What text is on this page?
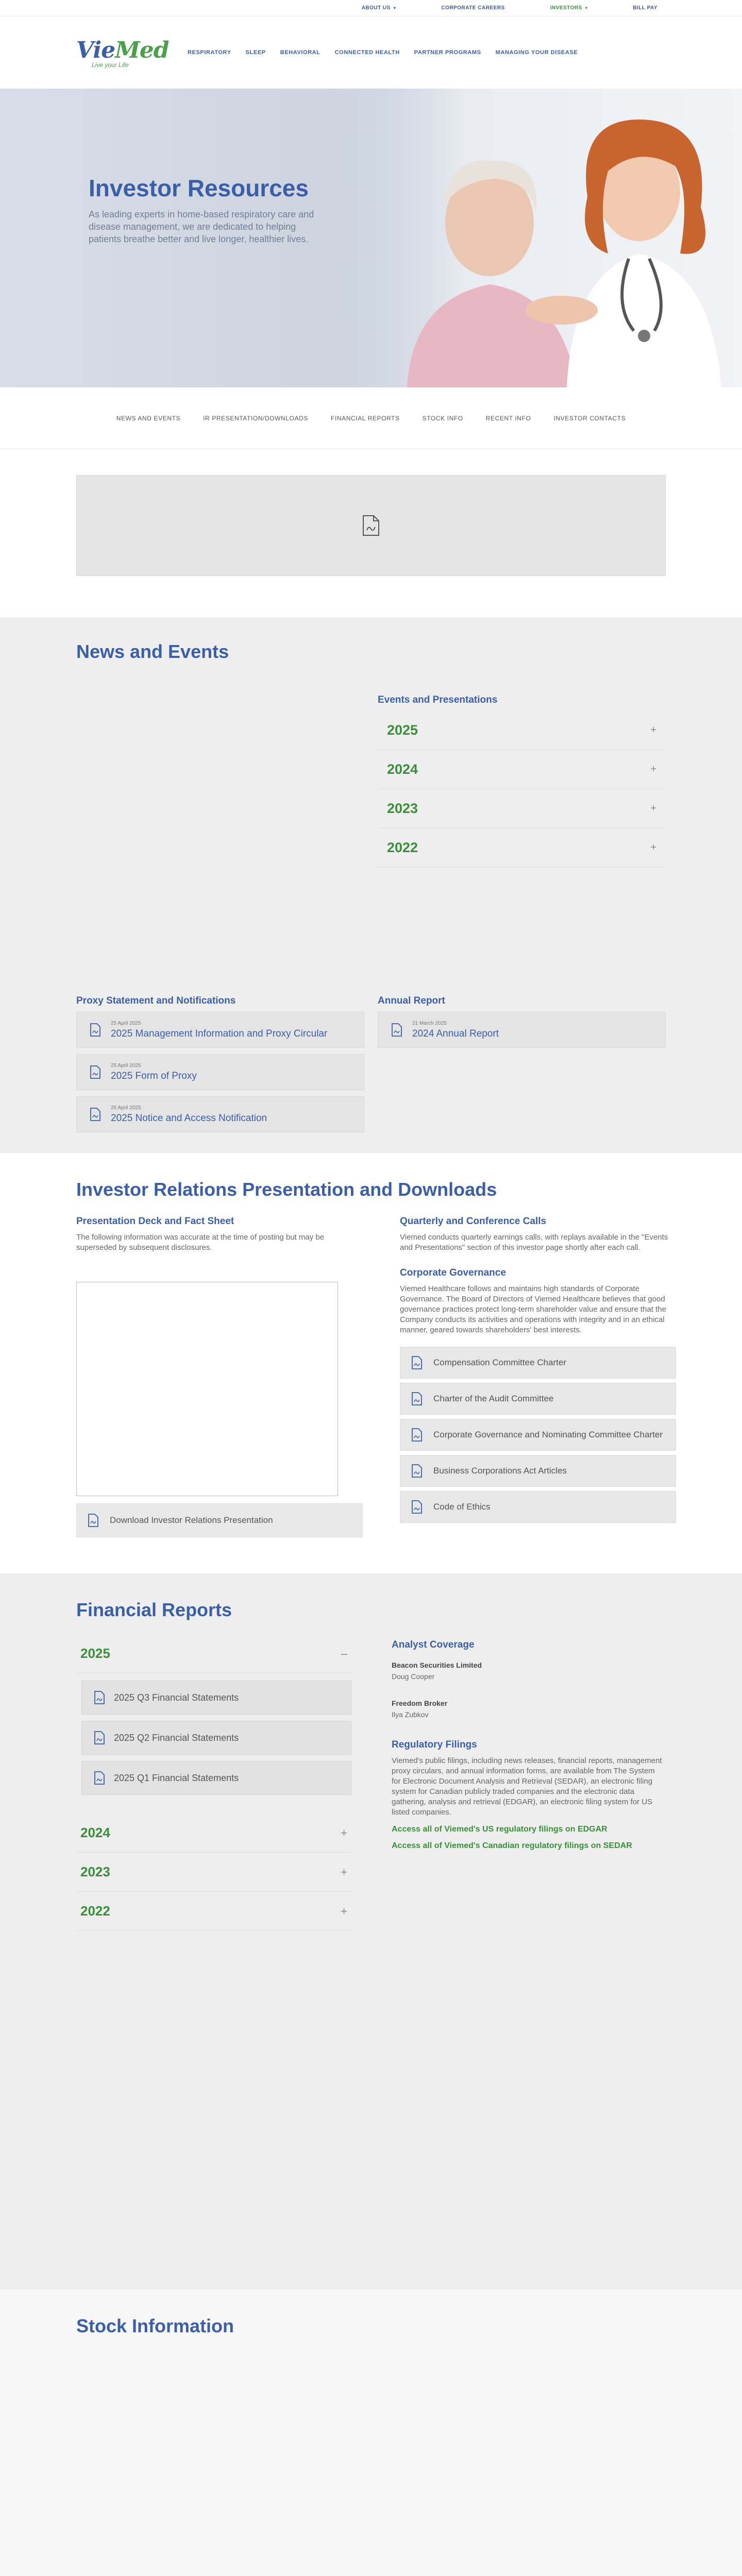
ABOUT US ▾	CORPORATE CAREERS	INVESTORS ▾	BILL PAY
VieMed
Live your Life
RESPIRATORY	SLEEP	BEHAVIORAL	CONNECTED HEALTH	PARTNER PROGRAMS	MANAGING YOUR DISEASE
Investor Resources
As leading experts in home-based respiratory care and disease management, we are dedicated to helping patients breathe better and live longer, healthier lives.
NEWS AND EVENTS	IR PRESENTATION/DOWNLOADS	FINANCIAL REPORTS	STOCK INFO	RECENT INFO	INVESTOR CONTACTS
News and Events
Events and Presentations
2025	+
2024	+
2023	+
2022	+
Proxy Statement and Notifications
25 April 2025
2025 Management Information and Proxy Circular
25 April 2025
2025 Form of Proxy
25 April 2025
2025 Notice and Access Notification
Annual Report
21 March 2025
2024 Annual Report
Investor Relations Presentation and Downloads
Presentation Deck and Fact Sheet

The following information was accurate at the time of posting but may be superseded by subsequent disclosures.

Download Investor Relations Presentation
Quarterly and Conference Calls

Viemed conducts quarterly earnings calls, with replays available in the "Events and Presentations" section of this investor page shortly after each call.

Corporate Governance

Viemed Healthcare follows and maintains high standards of Corporate Governance. The Board of Directors of Viemed Healthcare believes that good governance practices protect long-term shareholder value and ensure that the Company conducts its activities and operations with integrity and in an ethical manner, geared towards shareholders' best interests.

Compensation Committee Charter
Charter of the Audit Committee
Corporate Governance and Nominating Committee Charter
Business Corporations Act Articles
Code of Ethics
Financial Reports
2025	–
2025 Q3 Financial Statements
2025 Q2 Financial Statements
2025 Q1 Financial Statements
2024	+
2023	+
2022	+
Analyst Coverage
Beacon Securities Limited

Doug Cooper

Freedom Broker

Ilya Zubkov

Regulatory Filings

Viemed's public filings, including news releases, financial reports, management proxy circulars, and annual information forms, are available from The System for Electronic Document Analysis and Retrieval (SEDAR), an electronic filing system for Canadian publicly traded companies and the electronic data gathering, analysis and retrieval (EDGAR), an electronic filing system for US listed companies.

Access all of Viemed's US regulatory filings on EDGAR
Access all of Viemed's Canadian regulatory filings on SEDAR
Stock Information
